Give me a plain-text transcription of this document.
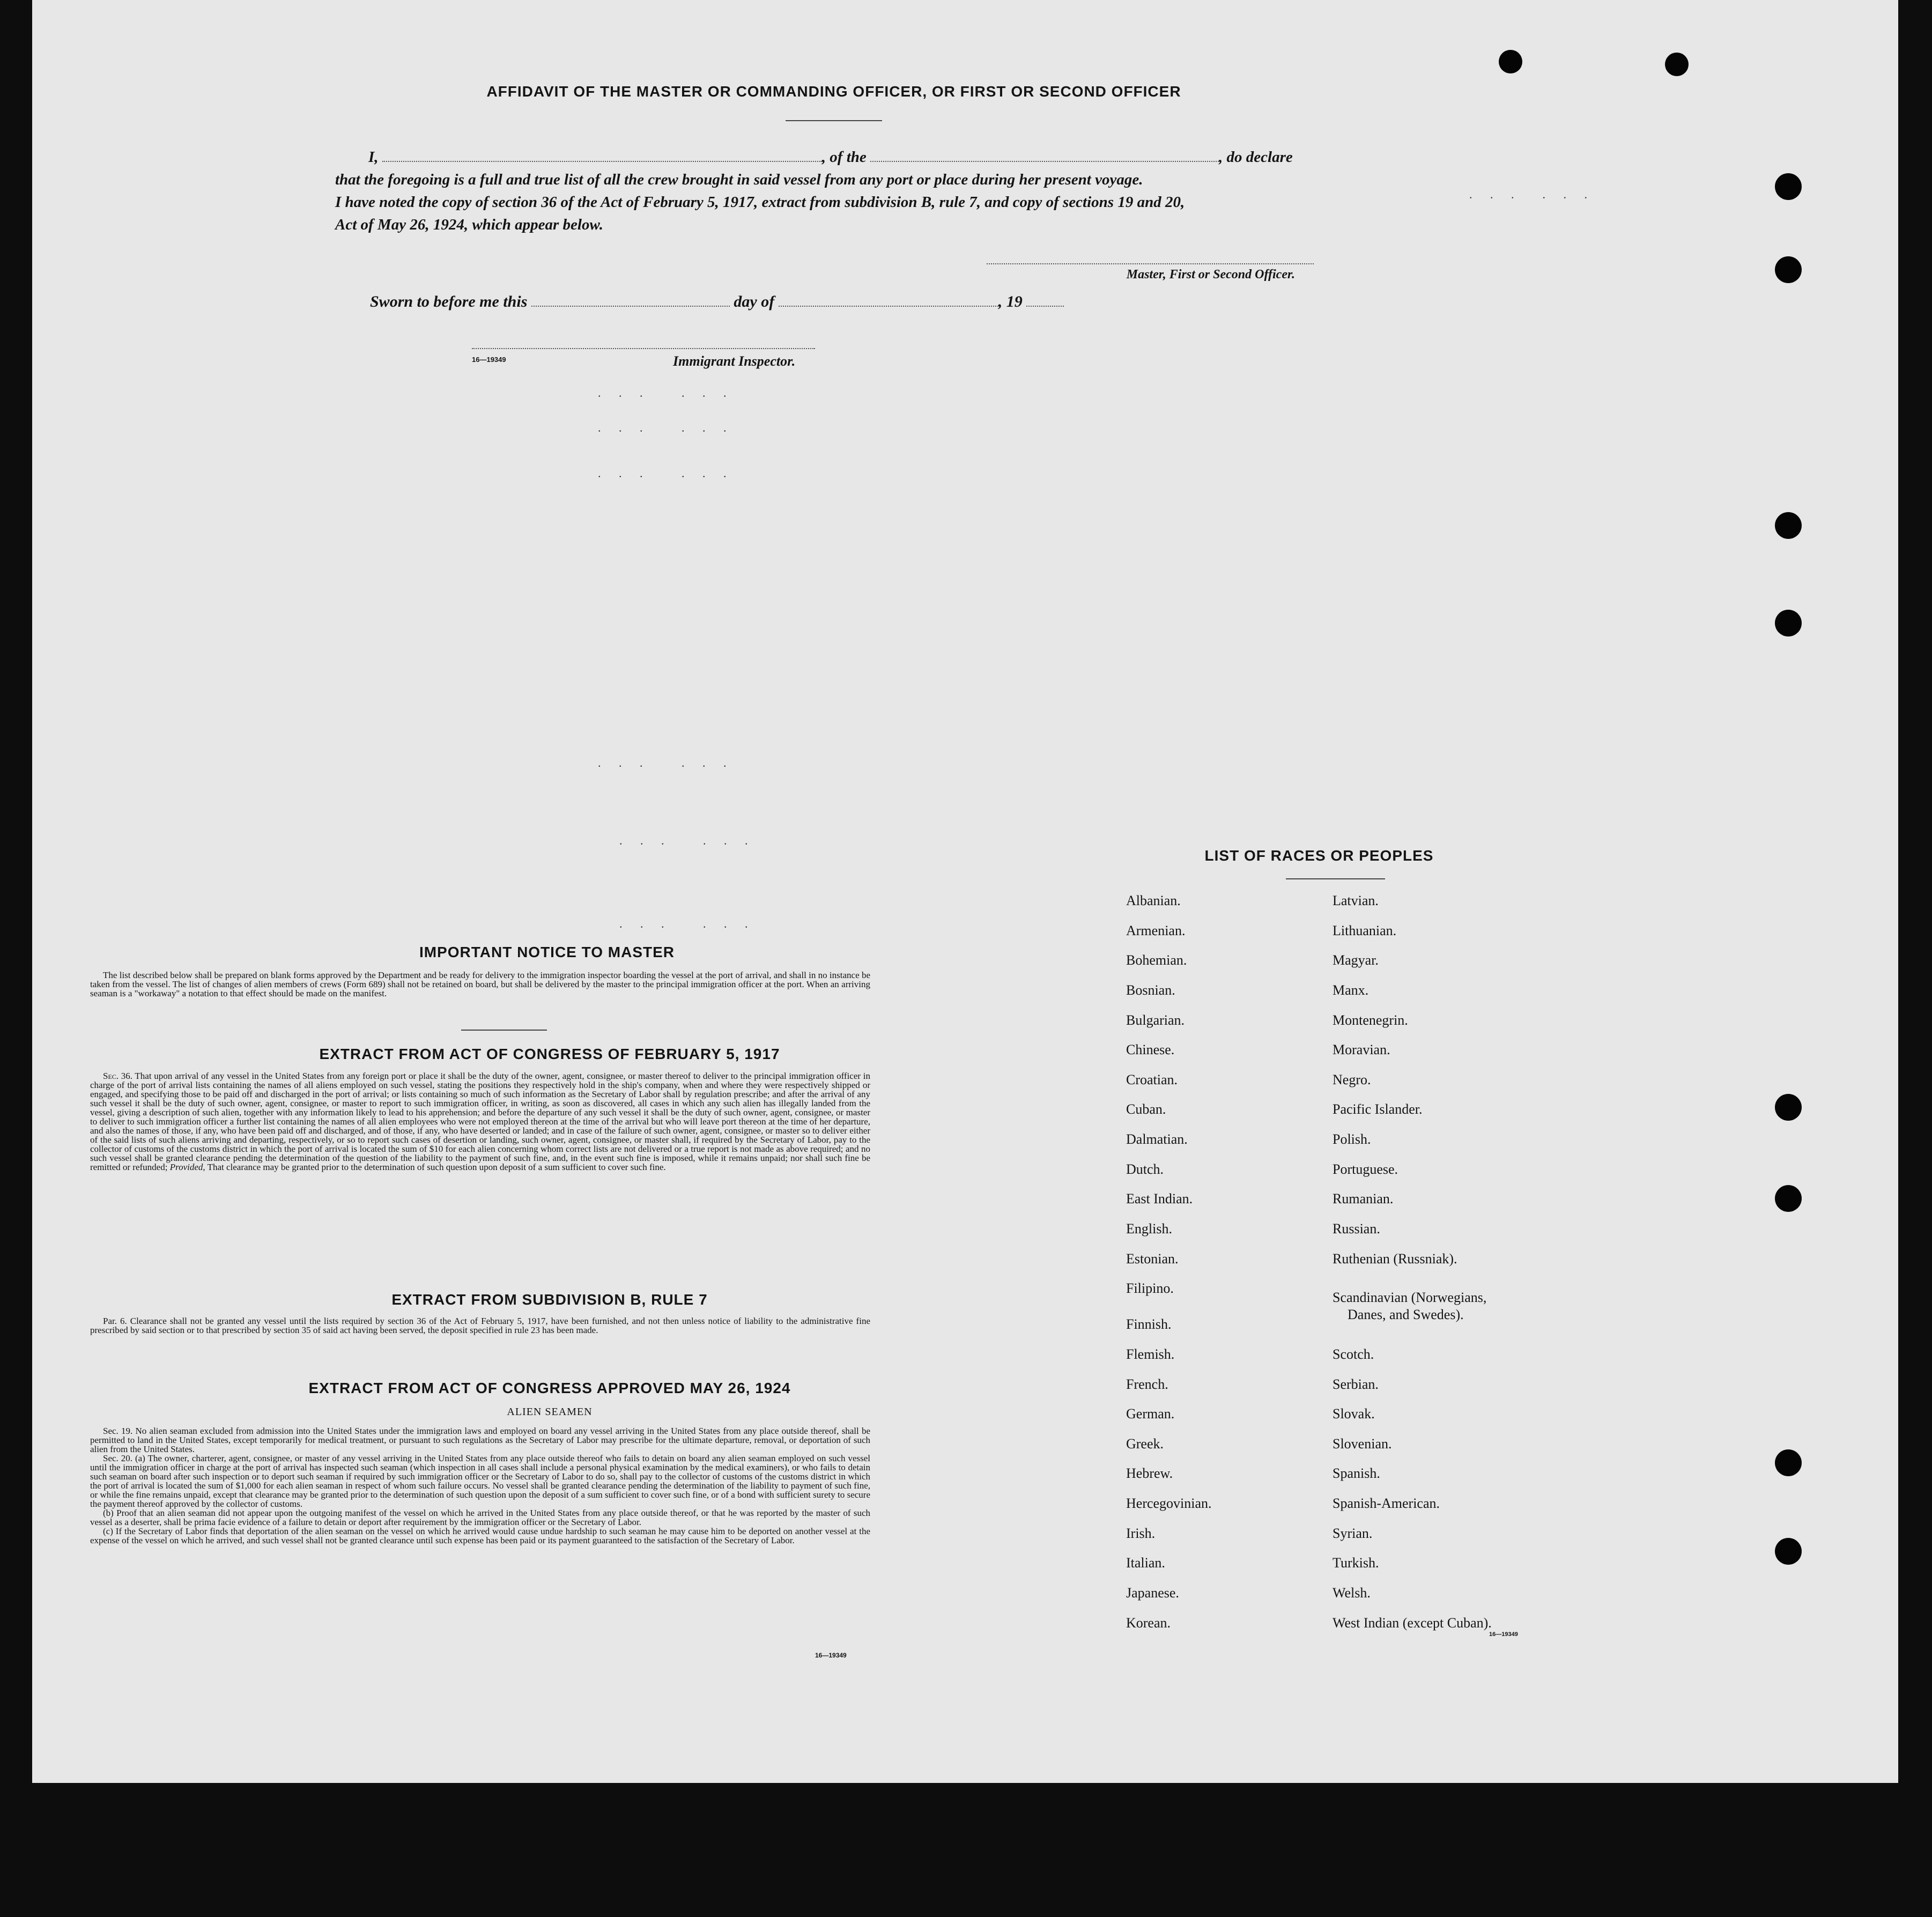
AFFIDAVIT OF THE MASTER OR COMMANDING OFFICER, OR FIRST OR SECOND OFFICER
I,	, of the	, do declare
that the foregoing is a full and true list of all the crew brought in said vessel from any port or place during her present voyage.
I have noted the copy of section 36 of the Act of February 5, 1917, extract from subdivision B, rule 7, and copy of sections 19 and 20,
Act of May 26, 1924, which appear below.
Master, First or Second Officer.
Sworn to before me this	day of	, 19
16—19349	Immigrant Inspector.
. . .   . . .
. . .   . . .
. . .   . . .
. . .   . . .
. . .   . . .
. . .   . . .
. . .  . . .
IMPORTANT NOTICE TO MASTER

The list described below shall be prepared on blank forms approved by the Department and be ready for delivery to the immigration inspector boarding the vessel at the port of arrival, and shall in no instance be taken from the vessel. The list of changes of alien members of crews (Form 689) shall not be retained on board, but shall be delivered by the master to the principal immigration officer at the port. When an arriving seaman is a "workaway" a notation to that effect should be made on the manifest.

EXTRACT FROM ACT OF CONGRESS OF FEBRUARY 5, 1917

Sec. 36. That upon arrival of any vessel in the United States from any foreign port or place it shall be the duty of the owner, agent, consignee, or master thereof to deliver to the principal immigration officer in charge of the port of arrival lists containing the names of all aliens employed on such vessel, stating the positions they respectively hold in the ship's company, when and where they were respectively shipped or engaged, and specifying those to be paid off and discharged in the port of arrival; or lists containing so much of such information as the Secretary of Labor shall by regulation prescribe; and after the arrival of any such vessel it shall be the duty of such owner, agent, consignee, or master to report to such immigration officer, in writing, as soon as discovered, all cases in which any such alien has illegally landed from the vessel, giving a description of such alien, together with any information likely to lead to his apprehension; and before the departure of any such vessel it shall be the duty of such owner, agent, consignee, or master to deliver to such immigration officer a further list containing the names of all alien employees who were not employed thereon at the time of the arrival but who will leave port thereon at the time of her departure, and also the names of those, if any, who have been paid off and discharged, and of those, if any, who have deserted or landed; and in case of the failure of such owner, agent, consignee, or master so to deliver either of the said lists of such aliens arriving and departing, respectively, or so to report such cases of desertion or landing, such owner, agent, consignee, or master shall, if required by the Secretary of Labor, pay to the collector of customs of the customs district in which the port of arrival is located the sum of $10 for each alien concerning whom correct lists are not delivered or a true report is not made as above required; and no such vessel shall be granted clearance pending the determination of the question of the liability to the payment of such fine, and, in the event such fine is imposed, while it remains unpaid; nor shall such fine be remitted or refunded; Provided, That clearance may be granted prior to the determination of such question upon deposit of a sum sufficient to cover such fine.

EXTRACT FROM SUBDIVISION B, RULE 7

Par. 6. Clearance shall not be granted any vessel until the lists required by section 36 of the Act of February 5, 1917, have been furnished, and not then unless notice of liability to the administrative fine prescribed by said section or to that prescribed by section 35 of said act having been served, the deposit specified in rule 23 has been made.

EXTRACT FROM ACT OF CONGRESS APPROVED MAY 26, 1924
ALIEN SEAMEN

Sec. 19. No alien seaman excluded from admission into the United States under the immigration laws and employed on board any vessel arriving in the United States from any place outside thereof, shall be permitted to land in the United States, except temporarily for medical treatment, or pursuant to such regulations as the Secretary of Labor may prescribe for the ultimate departure, removal, or deportation of such alien from the United States.

Sec. 20. (a) The owner, charterer, agent, consignee, or master of any vessel arriving in the United States from any place outside thereof who fails to detain on board any alien seaman employed on such vessel until the immigration officer in charge at the port of arrival has inspected such seaman (which inspection in all cases shall include a personal physical examination by the medical examiners), or who fails to detain such seaman on board after such inspection or to deport such seaman if required by such immigration officer or the Secretary of Labor to do so, shall pay to the collector of customs of the customs district in which the port of arrival is located the sum of $1,000 for each alien seaman in respect of whom such failure occurs. No vessel shall be granted clearance pending the determination of the liability to payment of such fine, or while the fine remains unpaid, except that clearance may be granted prior to the determination of such question upon the deposit of a sum sufficient to cover such fine, or of a bond with sufficient surety to secure the payment thereof approved by the collector of customs.

(b) Proof that an alien seaman did not appear upon the outgoing manifest of the vessel on which he arrived in the United States from any place outside thereof, or that he was reported by the master of such vessel as a deserter, shall be prima facie evidence of a failure to detain or deport after requirement by the immigration officer or the Secretary of Labor.

(c) If the Secretary of Labor finds that deportation of the alien seaman on the vessel on which he arrived would cause undue hardship to such seaman he may cause him to be deported on another vessel at the expense of the vessel on which he arrived, and such vessel shall not be granted clearance until such expense has been paid or its payment guaranteed to the satisfaction of the Secretary of Labor.

16—19349
LIST OF RACES OR PEOPLES
Albanian.
Armenian.
Bohemian.
Bosnian.
Bulgarian.
Chinese.
Croatian.
Cuban.
Dalmatian.
Dutch.
East Indian.
English.
Estonian.
Filipino.
Finnish.
Flemish.
French.
German.
Greek.
Hebrew.
Hercegovinian.
Irish.
Italian.
Japanese.
Korean.
Latvian.
Lithuanian.
Magyar.
Manx.
Montenegrin.
Moravian.
Negro.
Pacific Islander.
Polish.
Portuguese.
Rumanian.
Russian.
Ruthenian (Russniak).
Scandinavian (Norwegians,
Danes, and Swedes).
Scotch.
Serbian.
Slovak.
Slovenian.
Spanish.
Spanish-American.
Syrian.
Turkish.
Welsh.
West Indian (except Cuban).
16—19349
